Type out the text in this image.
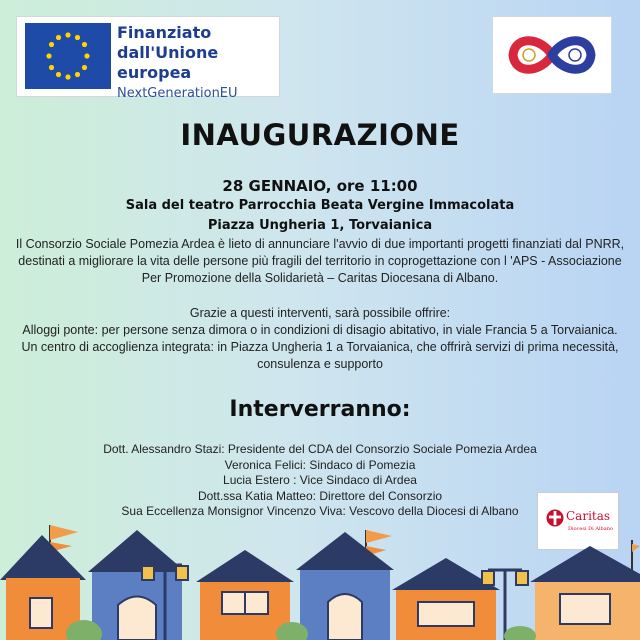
Finanziato
dall'Unione europea
NextGenerationEU
INAUGURAZIONE
28 GENNAIO, ore 11:00
Sala del teatro Parrocchia Beata Vergine Immacolata
Piazza Ungheria 1, Torvaianica
Il Consorzio Sociale Pomezia Ardea è lieto di annunciare l'avvio di due importanti progetti finanziati dal PNRR, destinati a migliorare la vita delle persone più fragili del territorio in coprogettazione con l 'APS - Associazione Per Promozione della Solidarietà – Caritas Diocesana di Albano.
Grazie a questi interventi, sarà possibile offrire:
Alloggi ponte: per persone senza dimora o in condizioni di disagio abitativo, in viale Francia 5 a Torvaianica.
Un centro di accoglienza integrata: in Piazza Ungheria 1 a Torvaianica, che offrirà servizi di prima necessità, consulenza e supporto
Interverranno:
Dott. Alessandro Stazi: Presidente del CDA del Consorzio Sociale Pomezia Ardea
Veronica Felici: Sindaco di Pomezia
Lucia Estero : Vice Sindaco di Ardea
Dott.ssa Katia Matteo: Direttore del Consorzio
Sua Eccellenza Monsignor Vincenzo Viva: Vescovo della Diocesi di Albano	Caritas
Diocesi Di Albano
